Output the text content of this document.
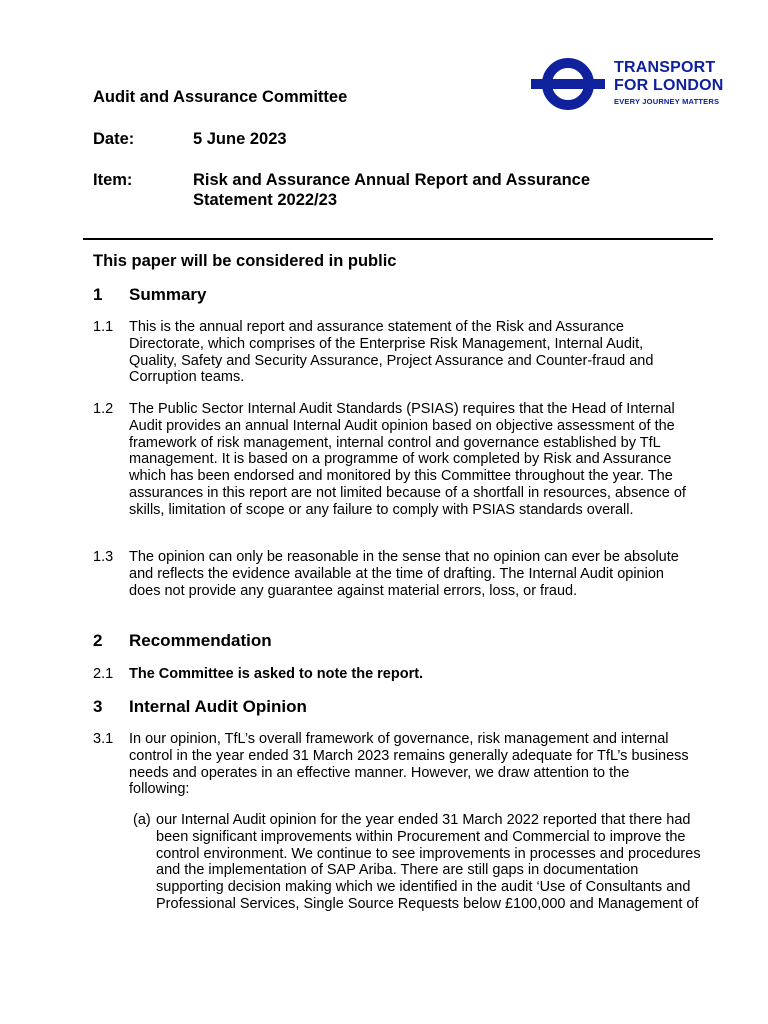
TRANSPORT
FOR LONDON
EVERY JOURNEY MATTERS
Audit and Assurance Committee
Date:	5 June 2023
Item:	Risk and Assurance Annual Report and Assurance Statement 2022/23
This paper will be considered in public
1 Summary
1.1 This is the annual report and assurance statement of the Risk and Assurance Directorate, which comprises of the Enterprise Risk Management, Internal Audit, Quality, Safety and Security Assurance, Project Assurance and Counter-fraud and Corruption teams.
1.2 The Public Sector Internal Audit Standards (PSIAS) requires that the Head of Internal Audit provides an annual Internal Audit opinion based on objective assessment of the framework of risk management, internal control and governance established by TfL management. It is based on a programme of work completed by Risk and Assurance which has been endorsed and monitored by this Committee throughout the year. The assurances in this report are not limited because of a shortfall in resources, absence of skills, limitation of scope or any failure to comply with PSIAS standards overall.
1.3 The opinion can only be reasonable in the sense that no opinion can ever be absolute and reflects the evidence available at the time of drafting. The Internal Audit opinion does not provide any guarantee against material errors, loss, or fraud.
2 Recommendation
2.1 The Committee is asked to note the report.
3 Internal Audit Opinion
3.1 In our opinion, TfL’s overall framework of governance, risk management and internal control in the year ended 31 March 2023 remains generally adequate for TfL’s business needs and operates in an effective manner. However, we draw attention to the following:
(a) our Internal Audit opinion for the year ended 31 March 2022 reported that there had been significant improvements within Procurement and Commercial to improve the control environment. We continue to see improvements in processes and procedures and the implementation of SAP Ariba. There are still gaps in documentation supporting decision making which we identified in the audit ‘Use of Consultants and Professional Services, Single Source Requests below £100,000 and Management of
